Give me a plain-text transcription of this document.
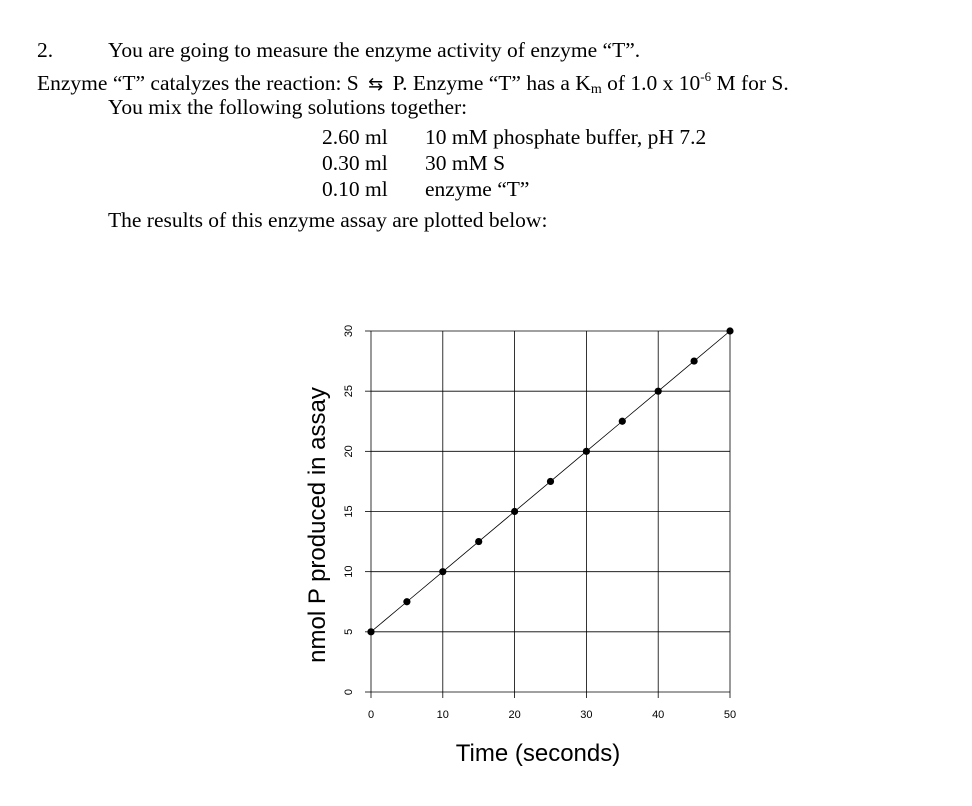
2.	You are going to measure the enzyme activity of enzyme “T”.
Enzyme “T” catalyzes the reaction: S ⇆ P. Enzyme “T” has a $K_m$ of 1.0 x $10^{-6}$ M for S.
You mix the following solutions together:
2.60 ml 10 mM phosphate buffer, pH 7.2
0.30 ml 30 mM S
0.10 ml enzyme “T”
The results of this enzyme assay are plotted below:
0	10	20	30	40	50
0
5
10
15
20
25
30
Time (seconds)
nmol P produced in assay
